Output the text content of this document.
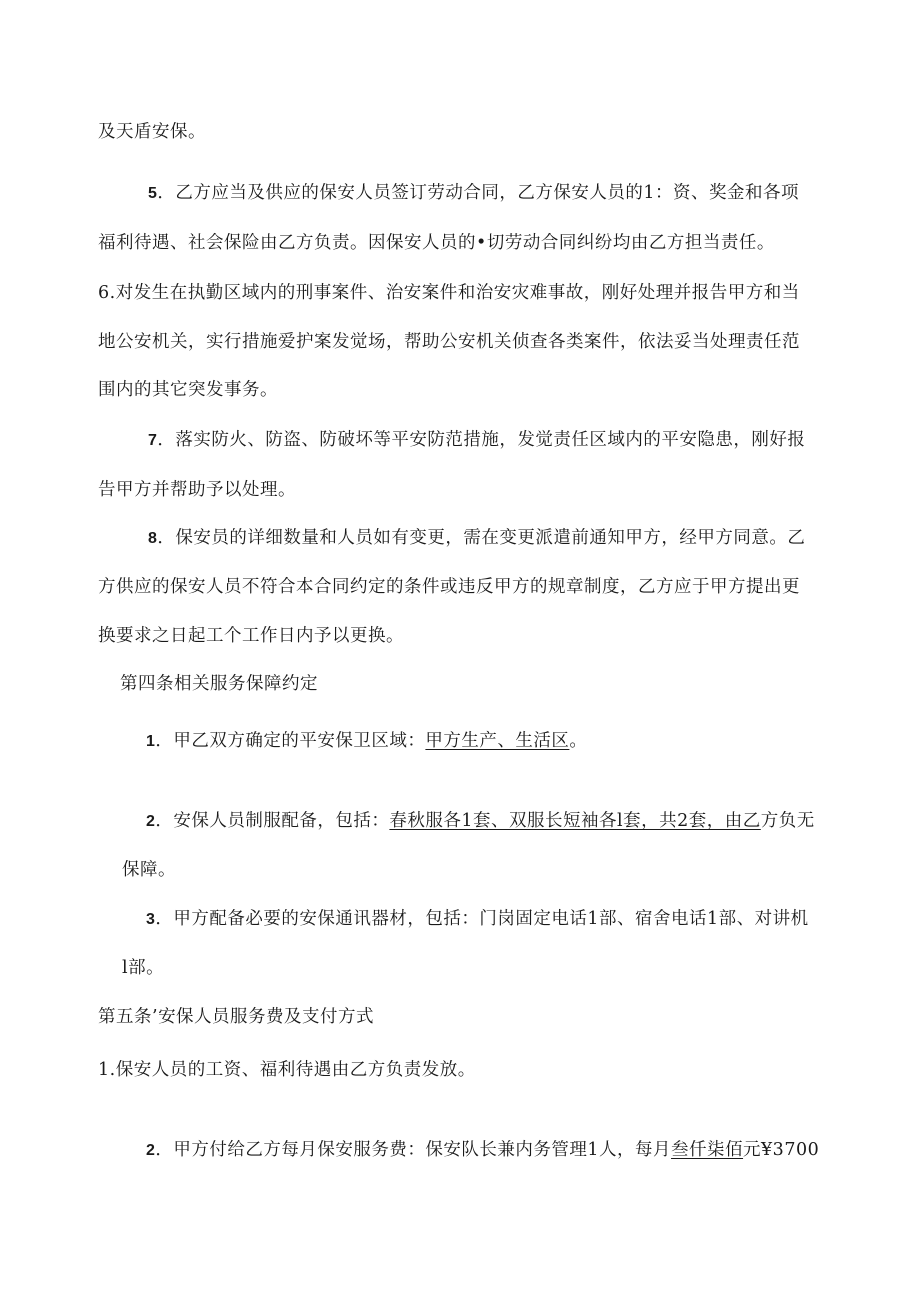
及天盾安保。
5．乙方应当及供应的保安人员签订劳动合同，乙方保安人员的1：资、奖金和各项
福利待遇、社会保险由乙方负责。因保安人员的•切劳动合同纠纷均由乙方担当责任。
6.对发生在执勤区域内的刑事案件、治安案件和治安灾难事故，刚好处理并报告甲方和当
地公安机关，实行措施爱护案发觉场，帮助公安机关侦查各类案件，依法妥当处理责任范
围内的其它突发事务。
7．落实防火、防盗、防破坏等平安防范措施，发觉责任区域内的平安隐患，刚好报
告甲方并帮助予以处理。
8．保安员的详细数量和人员如有变更，需在变更派遣前通知甲方，经甲方同意。乙
方供应的保安人员不符合本合同约定的条件或违反甲方的规章制度，乙方应于甲方提出更
换要求之日起工个工作日内予以更换。
第四条相关服务保障约定
1．甲乙双方确定的平安保卫区域：甲方生产、生活区。
2．安保人员制服配备，包括：春秋服各1套、双服长短袖各l套，共2套，由乙方负无
保障。
3．甲方配备必要的安保通讯器材，包括：门岗固定电话1部、宿舍电话1部、对讲机
l部。
第五条’安保人员服务费及支付方式
1.保安人员的工资、福利待遇由乙方负责发放。
2．甲方付给乙方每月保安服务费：保安队长兼内务管理1人，每月叁仟柒佰元¥3700
